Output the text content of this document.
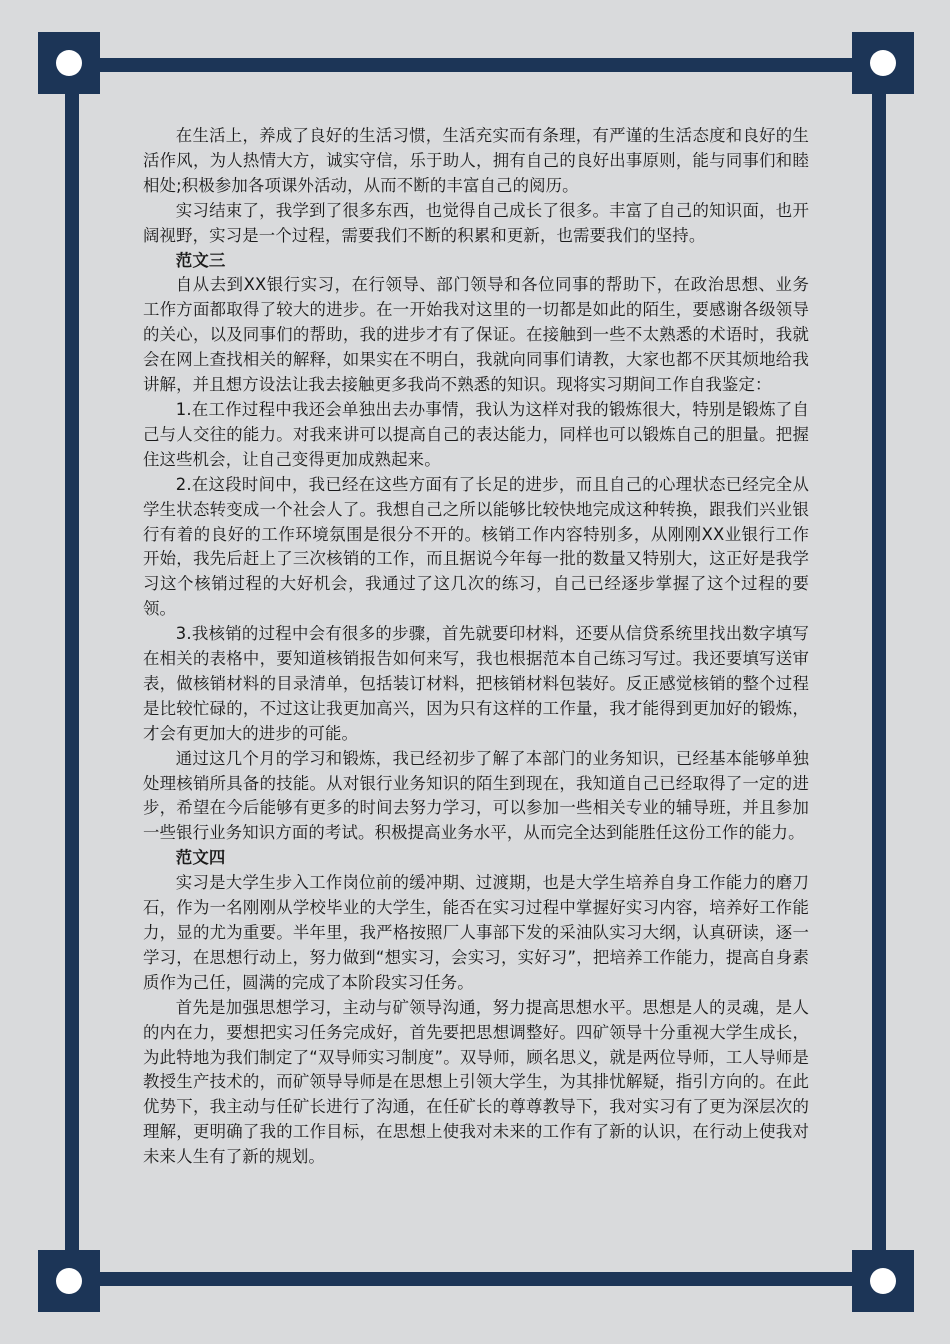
在生活上，养成了良好的生活习惯，生活充实而有条理，有严谨的生活态度和良好的生活作风，为人热情大方，诚实守信，乐于助人，拥有自己的良好出事原则，能与同事们和睦相处;积极参加各项课外活动，从而不断的丰富自己的阅历。

实习结束了，我学到了很多东西，也觉得自己成长了很多。丰富了自己的知识面，也开阔视野，实习是一个过程，需要我们不断的积累和更新，也需要我们的坚持。

范文三

自从去到XX银行实习，在行领导、部门领导和各位同事的帮助下，在政治思想、业务工作方面都取得了较大的进步。在一开始我对这里的一切都是如此的陌生，要感谢各级领导的关心，以及同事们的帮助，我的进步才有了保证。在接触到一些不太熟悉的术语时，我就会在网上查找相关的解释，如果实在不明白，我就向同事们请教，大家也都不厌其烦地给我讲解，并且想方设法让我去接触更多我尚不熟悉的知识。现将实习期间工作自我鉴定：

1.在工作过程中我还会单独出去办事情，我认为这样对我的锻炼很大，特别是锻炼了自己与人交往的能力。对我来讲可以提高自己的表达能力，同样也可以锻炼自己的胆量。把握住这些机会，让自己变得更加成熟起来。

2.在这段时间中，我已经在这些方面有了长足的进步，而且自己的心理状态已经完全从学生状态转变成一个社会人了。我想自己之所以能够比较快地完成这种转换，跟我们兴业银行有着的良好的工作环境氛围是很分不开的。核销工作内容特别多，从刚刚XX业银行工作开始，我先后赶上了三次核销的工作，而且据说今年每一批的数量又特别大，这正好是我学习这个核销过程的大好机会，我通过了这几次的练习，自己已经逐步掌握了这个过程的要领。

3.我核销的过程中会有很多的步骤，首先就要印材料，还要从信贷系统里找出数字填写在相关的表格中，要知道核销报告如何来写，我也根据范本自己练习写过。我还要填写送审表，做核销材料的目录清单，包括装订材料，把核销材料包装好。反正感觉核销的整个过程是比较忙碌的，不过这让我更加高兴，因为只有这样的工作量，我才能得到更加好的锻炼，才会有更加大的进步的可能。

通过这几个月的学习和锻炼，我已经初步了解了本部门的业务知识，已经基本能够单独处理核销所具备的技能。从对银行业务知识的陌生到现在，我知道自己已经取得了一定的进步，希望在今后能够有更多的时间去努力学习，可以参加一些相关专业的辅导班，并且参加一些银行业务知识方面的考试。积极提高业务水平，从而完全达到能胜任这份工作的能力。

范文四

实习是大学生步入工作岗位前的缓冲期、过渡期，也是大学生培养自身工作能力的磨刀石，作为一名刚刚从学校毕业的大学生，能否在实习过程中掌握好实习内容，培养好工作能力，显的尤为重要。半年里，我严格按照厂人事部下发的采油队实习大纲，认真研读，逐一学习，在思想行动上，努力做到“想实习，会实习，实好习”，把培养工作能力，提高自身素质作为己任，圆满的完成了本阶段实习任务。

首先是加强思想学习，主动与矿领导沟通，努力提高思想水平。思想是人的灵魂，是人的内在力，要想把实习任务完成好，首先要把思想调整好。四矿领导十分重视大学生成长，为此特地为我们制定了“双导师实习制度”。双导师，顾名思义，就是两位导师，工人导师是教授生产技术的，而矿领导导师是在思想上引领大学生，为其排忧解疑，指引方向的。在此优势下，我主动与任矿长进行了沟通，在任矿长的尊尊教导下，我对实习有了更为深层次的理解，更明确了我的工作目标，在思想上使我对未来的工作有了新的认识，在行动上使我对未来人生有了新的规划。
